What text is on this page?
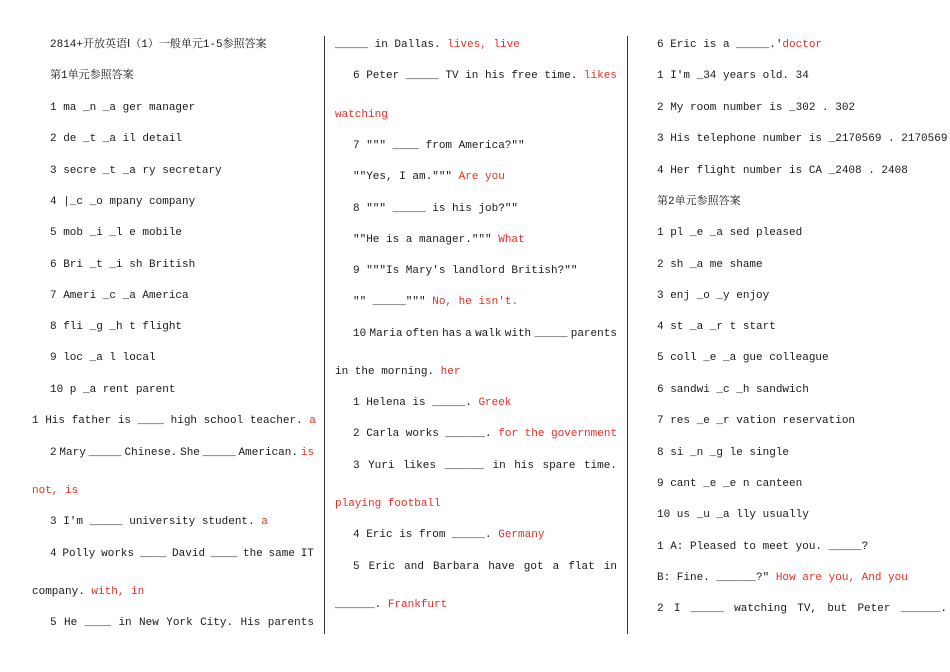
2814+开放英语Ⅰ（1）一般单元1-5参照答案
第1单元参照答案
1 ma _n _a ger manager
2 de _t _a il detail
3 secre _t _a ry secretary
4 |_c _o mpany company
5 mob _i _l e mobile
6 Bri _t _i sh British
7 Ameri _c _a America
8 fli _g _h t flight
9 loc _a l local
10 p _a rent parent
1 His father is ____ high school teacher. a
2 Mary _____ Chinese. She _____ American. is
not, is
3 I'm _____ university student. a
4 Polly works ____ David ____ the same IT
company. with, in
5 He ____ in New York City. His parents
_____ in Dallas. lives, live
6 Peter _____ TV in his free time. likes
watching
7 """ ____ from America?""
""Yes, I am.""" Are you
8 """ _____ is his job?""
""He is a manager.""" What
9 """Is Mary's landlord British?""
"" _____""" No, he isn't.
10 Maria often has a walk with _____ parents
in the morning. her
1 Helena is _____. Greek
2 Carla works ______. for the government
3 Yuri likes ______ in his spare time.
playing football
4 Eric is from _____. Germany
5 Eric and Barbara have got a flat in
______. Frankfurt
6 Eric is a _____.'doctor
1 I'm _34 years old. 34
2 My room number is _302 . 302
3 His telephone number is _2170569 . 2170569
4 Her flight number is CA _2408 . 2408
第2单元参照答案
1 pl _e _a sed pleased
2 sh _a me shame
3 enj _o _y enjoy
4 st _a _r t start
5 coll _e _a gue colleague
6 sandwi _c _h sandwich
7 res _e _r vation reservation
8 si _n _g le single
9 cant _e _e n canteen
10 us _u _a lly usually
1 A: Pleased to meet you. _____?
B: Fine. ______?" How are you, And you
2 I _____ watching TV, but Peter ______.
